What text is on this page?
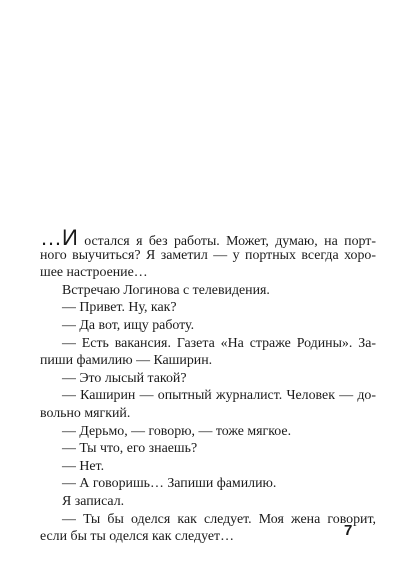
…И остался я без работы. Может, думаю, на порт-
ного выучиться? Я заметил — у портных всегда хоро-
шее настроение…
Встречаю Логинова с телевидения.
— Привет. Ну, как?
— Да вот, ищу работу.
— Есть вакансия. Газета «На страже Родины». За-
пиши фамилию — Каширин.
— Это лысый такой?
— Каширин — опытный журналист. Человек — до-
вольно мягкий.
— Дерьмо, — говорю, — тоже мягкое.
— Ты что, его знаешь?
— Нет.
— А говоришь… Запиши фамилию.
Я записал.
— Ты бы оделся как следует. Моя жена говорит,
если бы ты оделся как следует…	7
